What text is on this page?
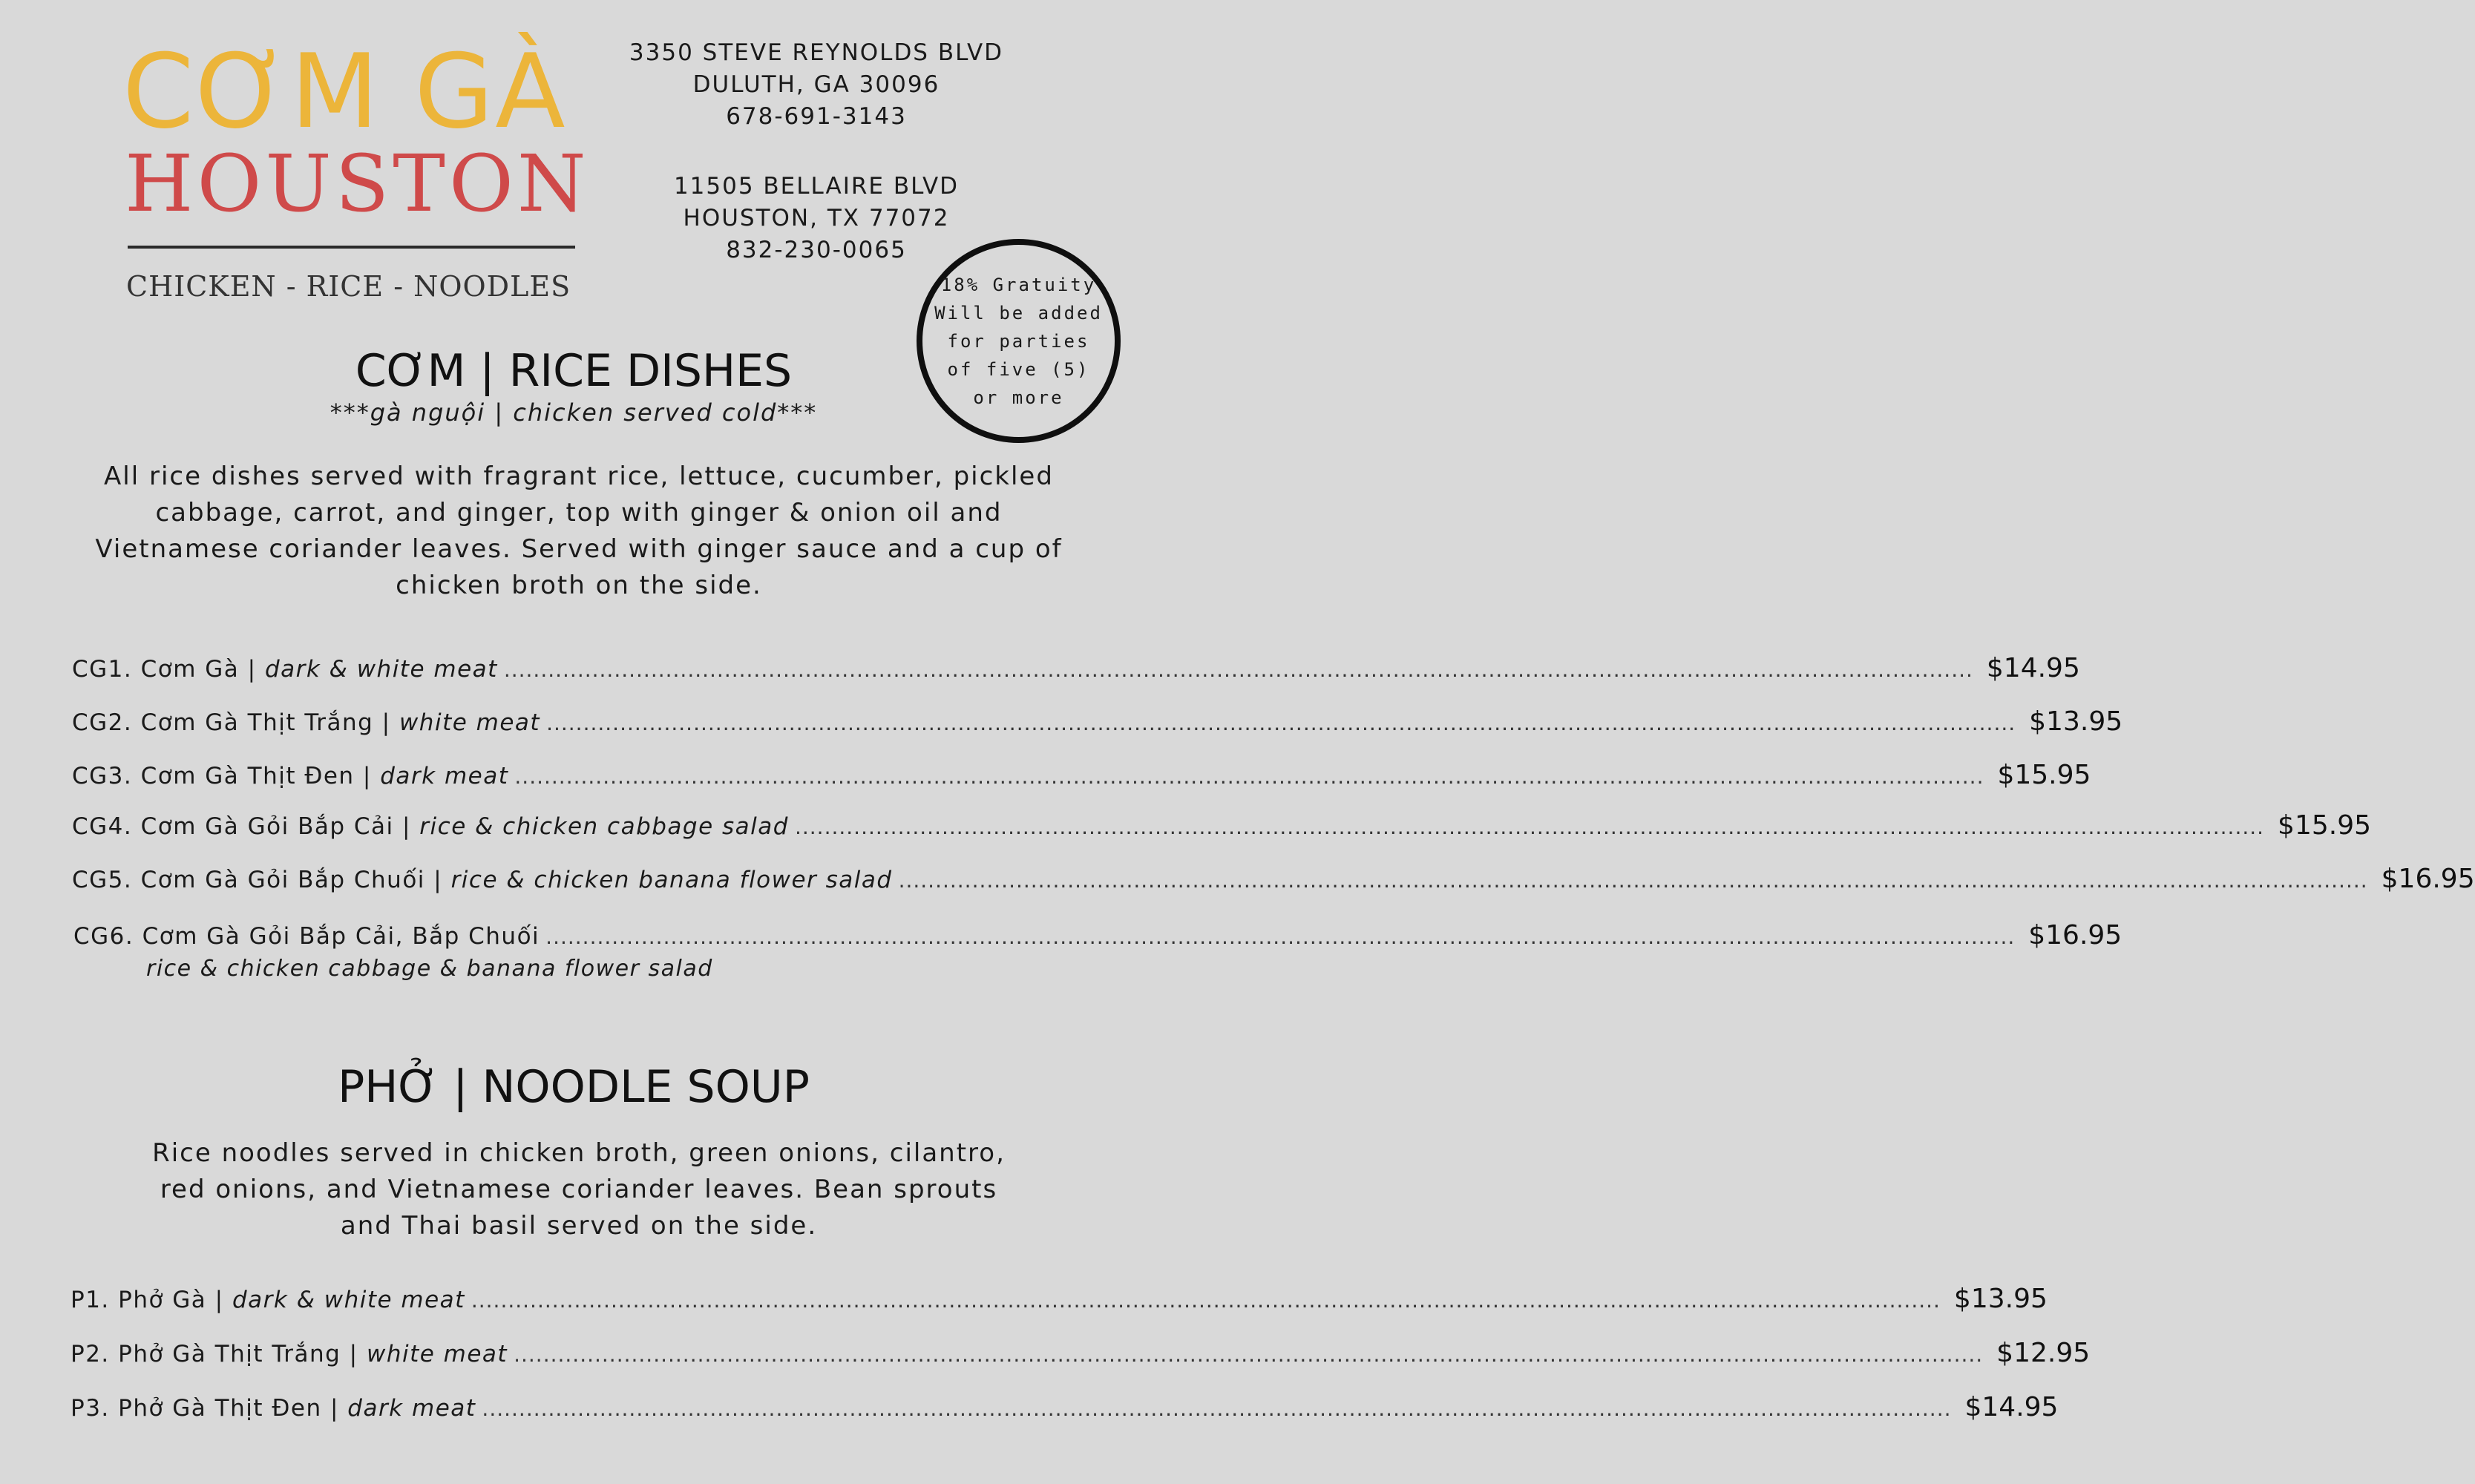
CƠM GÀ
HOUSTON
CHICKEN - RICE - NOODLES
3350 STEVE REYNOLDS BLVD
DULUTH, GA 30096
678-691-3143
11505 BELLAIRE BLVD
HOUSTON, TX 77072
832-230-0065
18% Gratuity
Will be added
for parties
of five (5)
or more
CƠM | RICE DISHES
***gà nguội | chicken served cold***
All rice dishes served with fragrant rice, lettuce, cucumber, pickled cabbage, carrot, and ginger, top with ginger & onion oil and Vietnamese coriander leaves. Served with ginger sauce and a cup of chicken broth on the side.
CG1. Cơm Gà | dark & white meat ........................................................................................................................................................................................................ $14.95
CG2. Cơm Gà Thịt Trắng | white meat ........................................................................................................................................................................................................ $13.95
CG3. Cơm Gà Thịt Đen | dark meat ........................................................................................................................................................................................................ $15.95
CG4. Cơm Gà Gỏi Bắp Cải | rice & chicken cabbage salad ........................................................................................................................................................................................................ $15.95
CG5. Cơm Gà Gỏi Bắp Chuối | rice & chicken banana flower salad ........................................................................................................................................................................................................ $16.95
CG6. Cơm Gà Gỏi Bắp Cải, Bắp Chuối ........................................................................................................................................................................................................ $16.95
rice & chicken cabbage & banana flower salad
PHỞ | NOODLE SOUP
Rice noodles served in chicken broth, green onions, cilantro, red onions, and Vietnamese coriander leaves. Bean sprouts and Thai basil served on the side.
P1. Phở Gà | dark & white meat ........................................................................................................................................................................................................ $13.95
P2. Phở Gà Thịt Trắng | white meat ........................................................................................................................................................................................................ $12.95
P3. Phở Gà Thịt Đen | dark meat ........................................................................................................................................................................................................ $14.95
